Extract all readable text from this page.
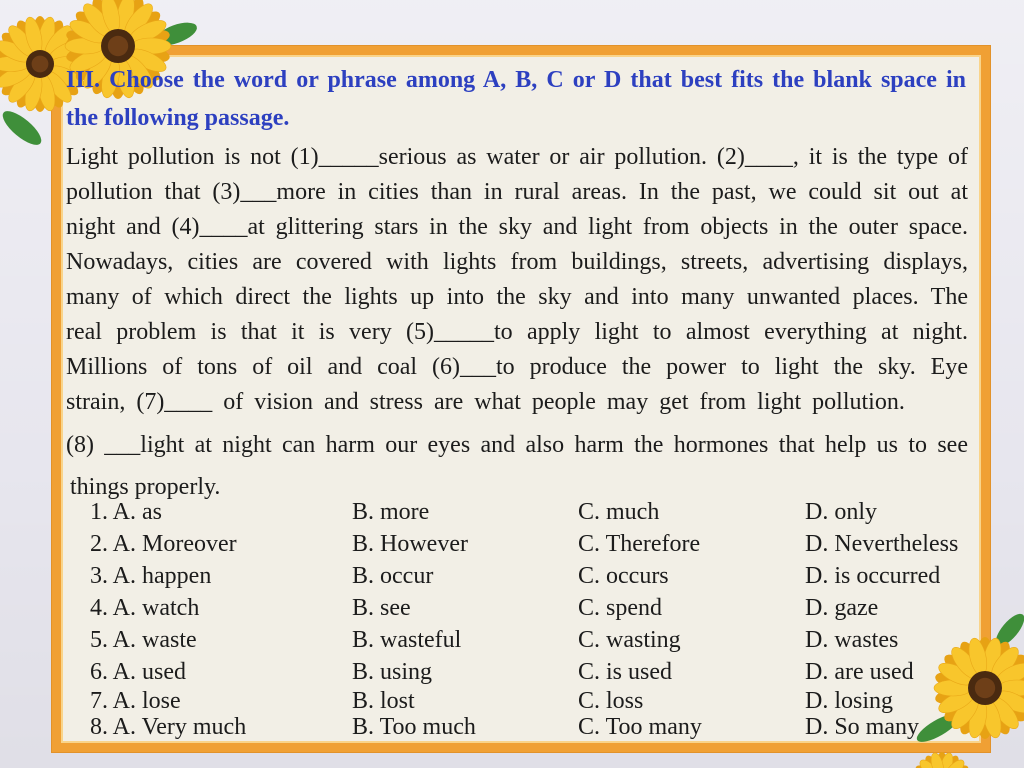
III. Choose the word or phrase among A, B, C or D that best fits the blank space in
the following passage.
Light pollution is not (1)_____serious as water or air pollution. (2)____, it is the type of
pollution that (3)___more in cities than in rural areas. In the past, we could sit out at
night and (4)____at glittering stars in the sky and light from objects in the outer space.
Nowadays, cities are covered with lights from buildings, streets, advertising displays,
many of which direct the lights up into the sky and into many unwanted places. The
real problem is that it is very (5)_____to apply light to almost everything at night.
Millions of tons of oil and coal (6)___to produce the power to light the sky. Eye
strain, (7)____ of vision and stress are what people may get from light pollution.
(8) ___light at night can harm our eyes and also harm the hormones that help us to see
things properly.
1. A. as	B. more	C. much	D. only
2. A. Moreover	B. However	C. Therefore	D. Nevertheless
3. A. happen	B. occur	C. occurs	D. is occurred
4. A. watch	B. see	C. spend	D. gaze
5. A. waste	B. wasteful	C. wasting	D. wastes
6. A. used	B. using	C. is used	D. are used
7. A. lose	B. lost	C. loss	D. losing
8. A. Very much	B. Too much	C. Too many	D. So many
